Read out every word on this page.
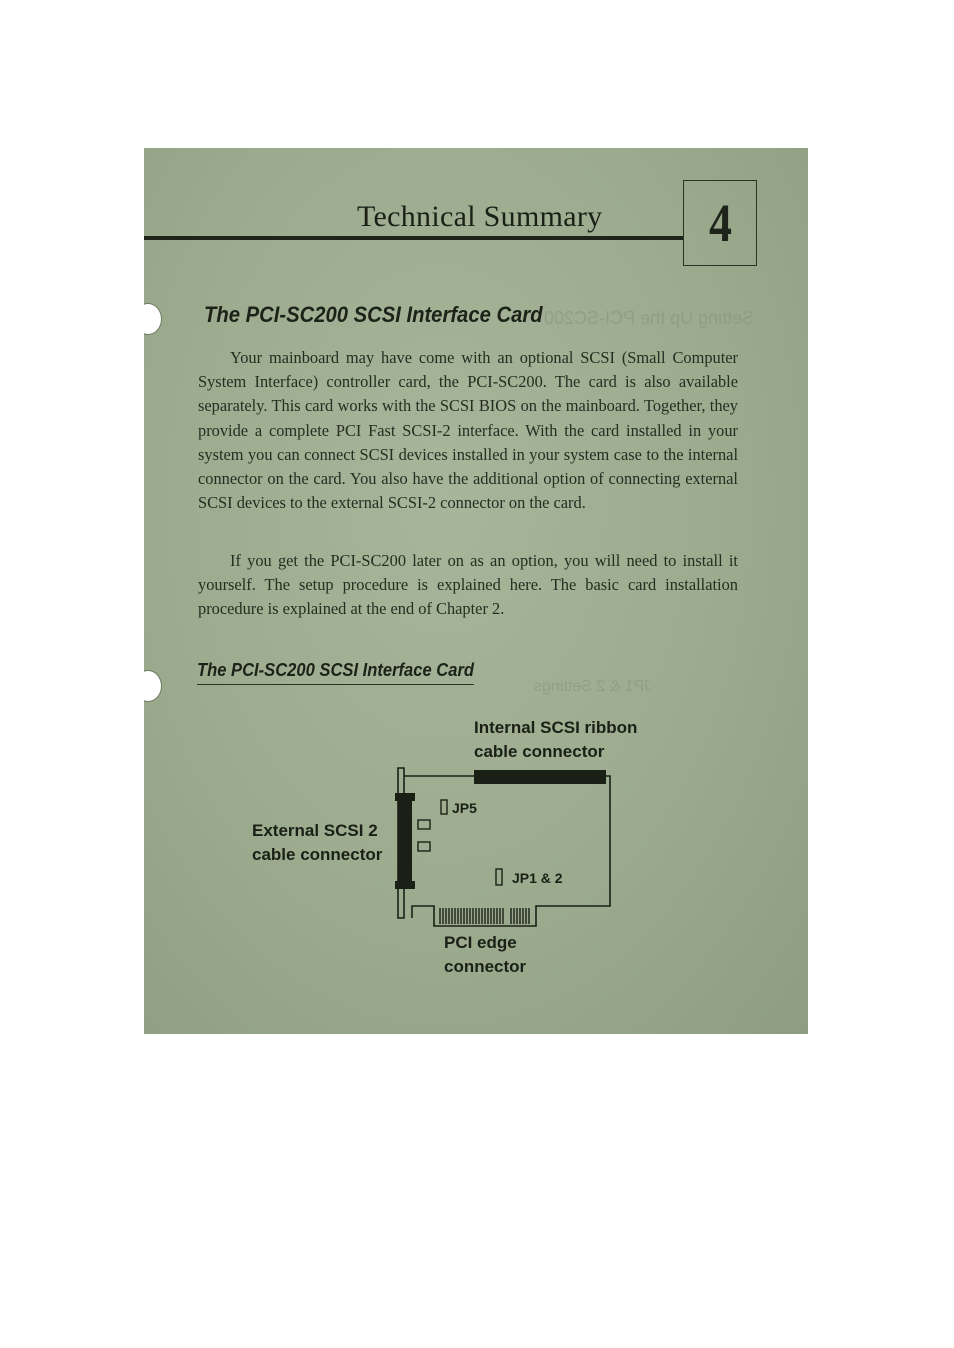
Setting Up the PCI-SC200
JP1 & 2 Settings
Technical Summary	4
The PCI-SC200 SCSI Interface Card

Your mainboard may have come with an optional SCSI (Small Computer System Interface) controller card, the PCI-SC200. The card is also available separately. This card works with the SCSI BIOS on the mainboard. Together, they provide a complete PCI Fast SCSI-2 interface. With the card installed in your system you can connect SCSI devices installed in your system case to the internal connector on the card. You also have the additional option of connecting external SCSI devices to the external SCSI-2 connector on the card.

If you get the PCI-SC200 later on as an option, you will need to install it yourself. The setup procedure is explained here. The basic card installation procedure is explained at the end of Chapter 2.

The PCI-SC200 SCSI Interface Card
Internal SCSI ribbon
cable connector
External SCSI 2
cable connector
PCI edge
connector
JP5
JP1 & 2
